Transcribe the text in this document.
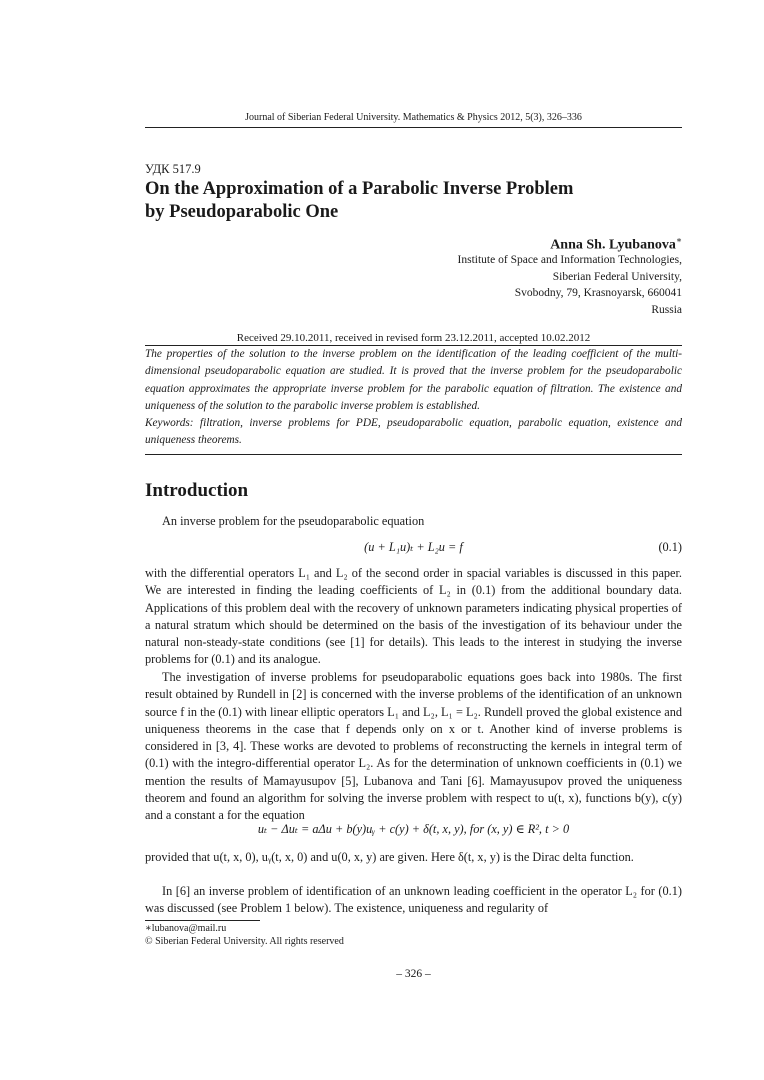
Journal of Siberian Federal University. Mathematics & Physics 2012, 5(3), 326–336
УДК 517.9
On the Approximation of a Parabolic Inverse Problem
by Pseudoparabolic One
Anna Sh. Lyubanova∗
Institute of Space and Information Technologies,
Siberian Federal University,
Svobodny, 79, Krasnoyarsk, 660041
Russia
Received 29.10.2011, received in revised form 23.12.2011, accepted 10.02.2012
The properties of the solution to the inverse problem on the identification of the leading coefficient of the multi-dimensional pseudoparabolic equation are studied. It is proved that the inverse problem for the pseudoparabolic equation approximates the appropriate inverse problem for the parabolic equation of filtration. The existence and uniqueness of the solution to the parabolic inverse problem is established.
Keywords: filtration, inverse problems for PDE, pseudoparabolic equation, parabolic equation, existence and uniqueness theorems.
Introduction
An inverse problem for the pseudoparabolic equation
(u + L₁u)ₜ + L₂u = f	(0.1)
with the differential operators L₁ and L₂ of the second order in spacial variables is discussed in this paper. We are interested in finding the leading coefficients of L₂ in (0.1) from the additional boundary data. Applications of this problem deal with the recovery of unknown parameters indicating physical properties of a natural stratum which should be determined on the basis of the investigation of its behaviour under the natural non-steady-state conditions (see [1] for details). This leads to the interest in studying the inverse problems for (0.1) and its analogue.
The investigation of inverse problems for pseudoparabolic equations goes back into 1980s. The first result obtained by Rundell in [2] is concerned with the inverse problems of the identification of an unknown source f in the (0.1) with linear elliptic operators L₁ and L₂, L₁ = L₂. Rundell proved the global existence and uniqueness theorems in the case that f depends only on x or t. Another kind of inverse problems is considered in [3, 4]. These works are devoted to problems of reconstructing the kernels in integral term of (0.1) with the integro-differential operator L₂. As for the determination of unknown coefficients in (0.1) we mention the results of Mamayusupov [5], Lubanova and Tani [6]. Mamayusupov proved the uniqueness theorem and found an algorithm for solving the inverse problem with respect to u(t, x), functions b(y), c(y) and a constant a for the equation
uₜ − Δuₜ = aΔu + b(y)uᵧ + c(y) + δ(t, x, y), for (x, y) ∈ R², t > 0
provided that u(t, x, 0), uᵧ(t, x, 0) and u(0, x, y) are given. Here δ(t, x, y) is the Dirac delta function.
In [6] an inverse problem of identification of an unknown leading coefficient in the operator L₂ for (0.1) was discussed (see Problem 1 below). The existence, uniqueness and regularity of
∗lubanova@mail.ru
© Siberian Federal University. All rights reserved
– 326 –
